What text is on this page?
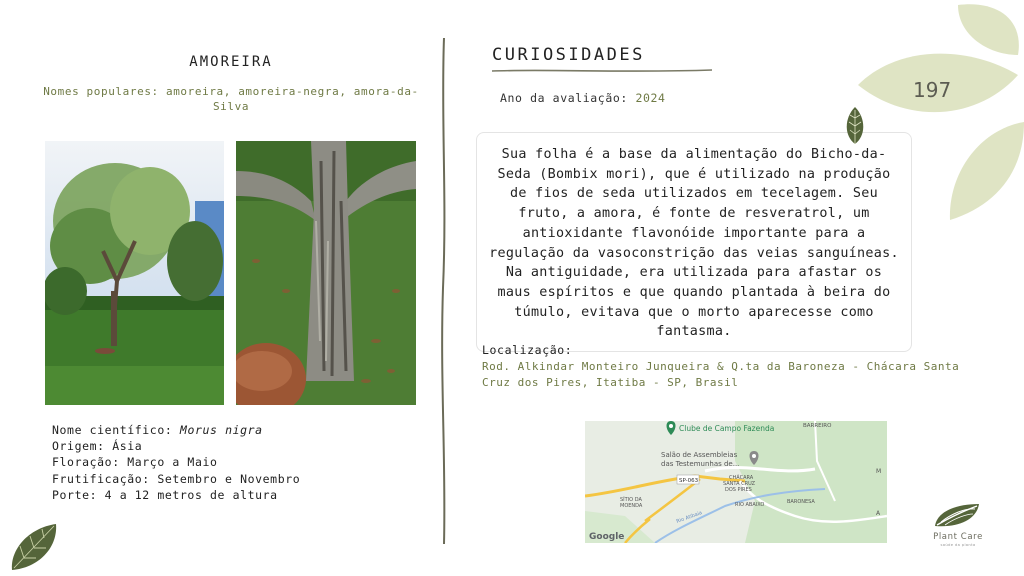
AMOREIRA
Nomes populares: amoreira, amoreira-negra, amora-da-Silva
Nome científico: Morus nigra
Origem: Ásia
Floração: Março a Maio
Frutificação: Setembro e Novembro
Porte: 4 a 12 metros de altura
CURIOSIDADES
Ano da avaliação: 2024
Sua folha é a base da alimentação do Bicho-da-Seda (Bombix mori), que é utilizado na produção de fios de seda utilizados em tecelagem. Seu fruto, a amora, é fonte de resveratrol, um antioxidante flavonóide importante para a regulação da vasoconstrição das veias sanguíneas. Na antiguidade, era utilizada para afastar os maus espíritos e que quando plantada à beira do túmulo, evitava que o morto aparecesse como fantasma.
Localização:
Rod. Alkindar Monteiro Junqueira & Q.ta da Baroneza - Chácara Santa Cruz dos Pires, Itatiba - SP, Brasil
Clube de Campo Fazenda	BARREIRO
Salão de Assembleias
das Testemunhas de...
SP-063	CHÁCARA
SANTA CRUZ
DOS PIRES
SÍTIO DA
MOENDA	RIO ABAIXO	BARONESA
Rio Atibaia
M
A
Google
197
Plant Care
saúde da planta
